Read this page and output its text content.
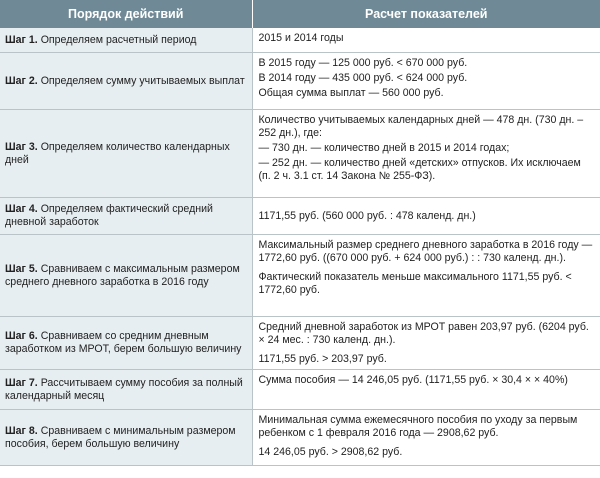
Порядок действий	Расчет показателей
Шаг 1. Определяем расчетный период	2015 и 2014 годы

Шаг 2. Определяем сумму учитываемых выплат	В 2015 году — 125 000 руб. < 670 000 руб.
В 2014 году — 435 000 руб. < 624 000 руб.
Общая сумма выплат — 560 000 руб.

Шаг 3. Определяем количество календарных дней	Количество учитываемых календарных дней — 478 дн. (730 дн. – 252 дн.), где:
— 730 дн. — количество дней в 2015 и 2014 годах;
— 252 дн. — количество дней «детских» отпусков. Их исключаем (п. 2 ч. 3.1 ст. 14 Закона № 255-ФЗ).

Шаг 4. Определяем фактический средний дневной заработок	1171,55 руб. (560 000 руб. : 478 календ. дн.)

Шаг 5. Сравниваем с максимальным размером среднего дневного заработка в 2016 году	Максимальный размер среднего дневного заработка в 2016 году — 1772,60 руб. ((670 000 руб. + 624 000 руб.) : : 730 календ. дн.).
Фактический показатель меньше максимального 1171,55 руб. < 1772,60 руб.

Шаг 6. Сравниваем со средним дневным заработком из МРОТ, берем большую величину	Средний дневной заработок из МРОТ равен 203,97 руб. (6204 руб. × 24 мес. : 730 календ. дн.).
1171,55 руб. > 203,97 руб.

Шаг 7. Рассчитываем сумму пособия за полный календарный месяц	Сумма пособия — 14 246,05 руб. (1171,55 руб. × 30,4 × × 40%)

Шаг 8. Сравниваем с минимальным размером пособия, берем большую величину	Минимальная сумма ежемесячного пособия по уходу за первым ребенком с 1 февраля 2016 года — 2908,62 руб.
14 246,05 руб. > 2908,62 руб.
